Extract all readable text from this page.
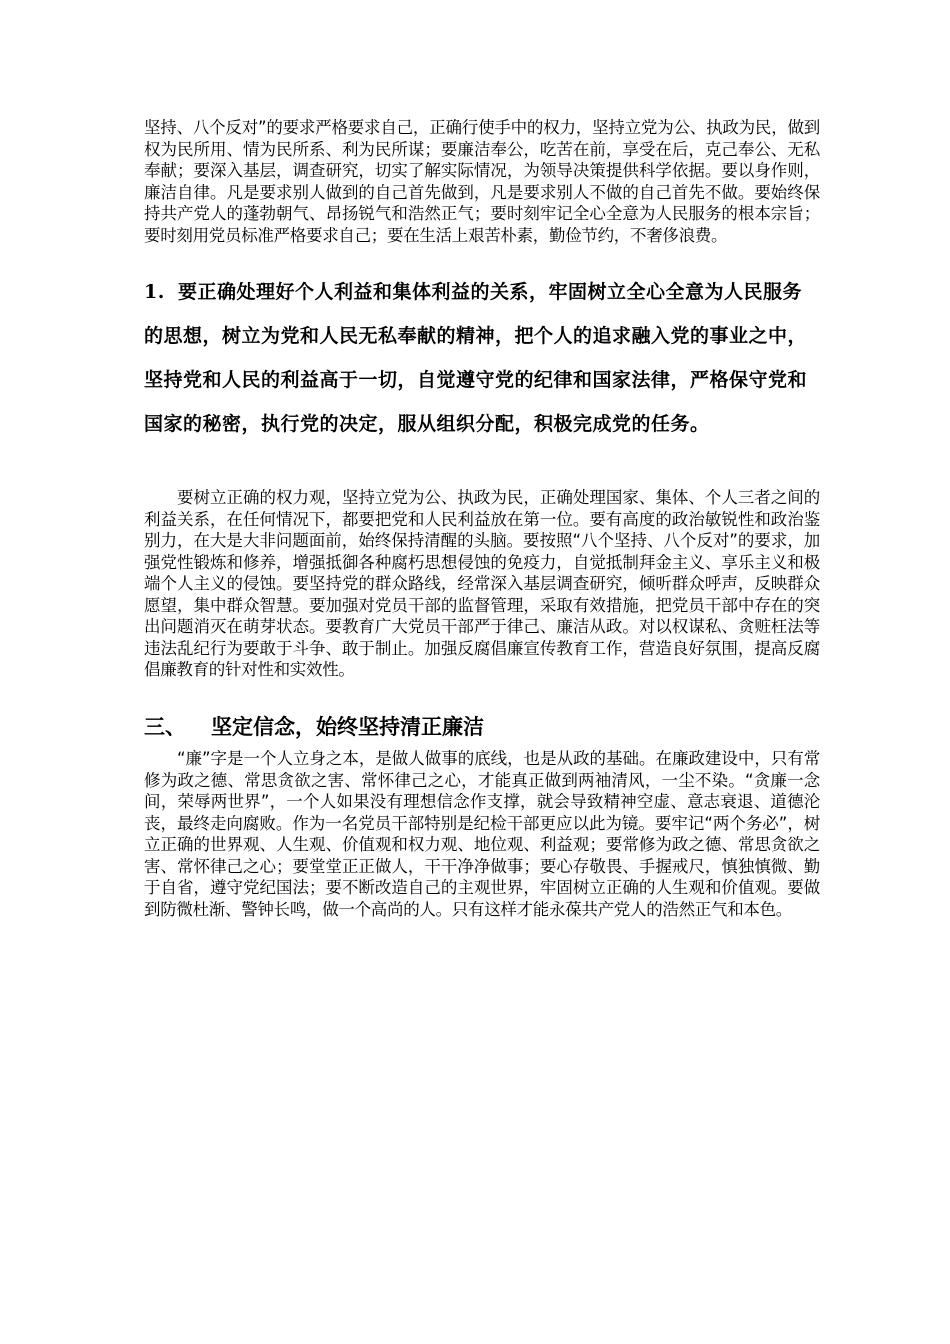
坚持、八个反对”的要求严格要求自己，正确行使手中的权力，坚持立党为公、执政为民，做到权为民所用、情为民所系、利为民所谋；要廉洁奉公，吃苦在前，享受在后，克己奉公、无私奉献；要深入基层，调查研究，切实了解实际情况，为领导决策提供科学依据。要以身作则，廉洁自律。凡是要求别人做到的自己首先做到，凡是要求别人不做的自己首先不做。要始终保持共产党人的蓬勃朝气、昂扬锐气和浩然正气；要时刻牢记全心全意为人民服务的根本宗旨；要时刻用党员标准严格要求自己；要在生活上艰苦朴素，勤俭节约，不奢侈浪费。

1. 要正确处理好个人利益和集体利益的关系，牢固树立全心全意为人民服务的思想，树立为党和人民无私奉献的精神，把个人的追求融入党的事业之中，坚持党和人民的利益高于一切，自觉遵守党的纪律和国家法律，严格保守党和国家的秘密，执行党的决定，服从组织分配，积极完成党的任务。

要树立正确的权力观，坚持立党为公、执政为民，正确处理国家、集体、个人三者之间的利益关系，在任何情况下，都要把党和人民利益放在第一位。要有高度的政治敏锐性和政治鉴别力，在大是大非问题面前，始终保持清醒的头脑。要按照“八个坚持、八个反对”的要求，加强党性锻炼和修养，增强抵御各种腐朽思想侵蚀的免疫力，自觉抵制拜金主义、享乐主义和极端个人主义的侵蚀。要坚持党的群众路线，经常深入基层调查研究，倾听群众呼声，反映群众愿望，集中群众智慧。要加强对党员干部的监督管理，采取有效措施，把党员干部中存在的突出问题消灭在萌芽状态。要教育广大党员干部严于律己、廉洁从政。对以权谋私、贪赃枉法等违法乱纪行为要敢于斗争、敢于制止。加强反腐倡廉宣传教育工作，营造良好氛围，提高反腐倡廉教育的针对性和实效性。

三、 坚定信念，始终坚持清正廉洁

“廉”字是一个人立身之本，是做人做事的底线，也是从政的基础。在廉政建设中，只有常修为政之德、常思贪欲之害、常怀律己之心，才能真正做到两袖清风，一尘不染。“贪廉一念间，荣辱两世界”，一个人如果没有理想信念作支撑，就会导致精神空虚、意志衰退、道德沦丧，最终走向腐败。作为一名党员干部特别是纪检干部更应以此为镜。要牢记“两个务必”，树立正确的世界观、人生观、价值观和权力观、地位观、利益观；要常修为政之德、常思贪欲之害、常怀律己之心；要堂堂正正做人，干干净净做事；要心存敬畏、手握戒尺，慎独慎微、勤于自省，遵守党纪国法；要不断改造自己的主观世界，牢固树立正确的人生观和价值观。要做到防微杜渐、警钟长鸣，做一个高尚的人。只有这样才能永葆共产党人的浩然正气和本色。
